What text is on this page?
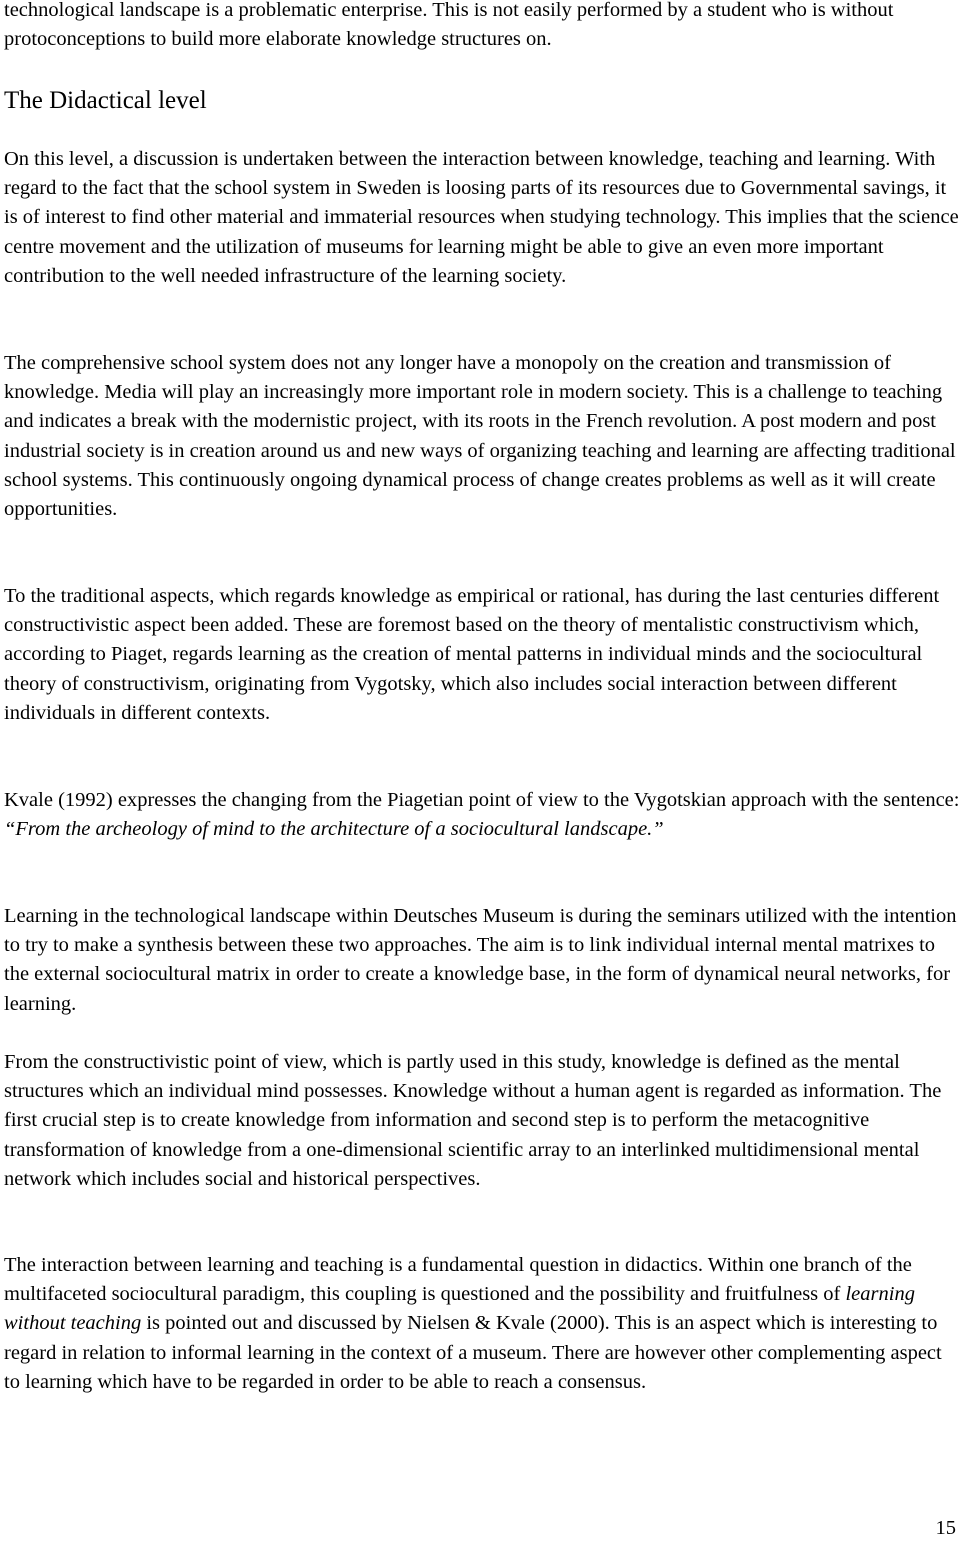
technological landscape is a problematic enterprise. This is not easily performed by a student who is without protoconceptions to build more elaborate knowledge structures on.

The Didactical level

On this level, a discussion is undertaken between the interaction between knowledge, teaching and learning. With regard to the fact that the school system in Sweden is loosing parts of its resources due to Governmental savings, it is of interest to find other material and immaterial resources when studying technology. This implies that the science centre movement and the utilization of museums for learning might be able to give an even more important contribution to the well needed infrastructure of the learning society.

The comprehensive school system does not any longer have a monopoly on the creation and transmission of knowledge. Media will play an increasingly more important role in modern society. This is a challenge to teaching and indicates a break with the modernistic project, with its roots in the French revolution. A post modern and post industrial society is in creation around us and new ways of organizing teaching and learning are affecting traditional school systems. This continuously ongoing dynamical process of change creates problems as well as it will create opportunities.

To the traditional aspects, which regards knowledge as empirical or rational, has during the last centuries different constructivistic aspect been added. These are foremost based on the theory of mentalistic constructivism which, according to Piaget, regards learning as the creation of mental patterns in individual minds and the sociocultural theory of constructivism, originating from Vygotsky, which also includes social interaction between different individuals in different contexts.

Kvale (1992) expresses the changing from the Piagetian point of view to the Vygotskian approach with the sentence:
“From the archeology of mind to the architecture of a sociocultural landscape.”

Learning in the technological landscape within Deutsches Museum is during the seminars utilized with the intention to try to make a synthesis between these two approaches. The aim is to link individual internal mental matrixes to the external sociocultural matrix in order to create a knowledge base, in the form of dynamical neural networks, for learning.

From the constructivistic point of view, which is partly used in this study, knowledge is defined as the mental structures which an individual mind possesses. Knowledge without a human agent is regarded as information. The first crucial step is to create knowledge from information and second step is to perform the metacognitive transformation of knowledge from a one-dimensional scientific array to an interlinked multidimensional mental network which includes social and historical perspectives.

The interaction between learning and teaching is a fundamental question in didactics. Within one branch of the multifaceted sociocultural paradigm, this coupling is questioned and the possibility and fruitfulness of learning without teaching is pointed out and discussed by Nielsen & Kvale (2000). This is an aspect which is interesting to regard in relation to informal learning in the context of a museum. There are however other complementing aspect to learning which have to be regarded in order to be able to reach a consensus.

15
